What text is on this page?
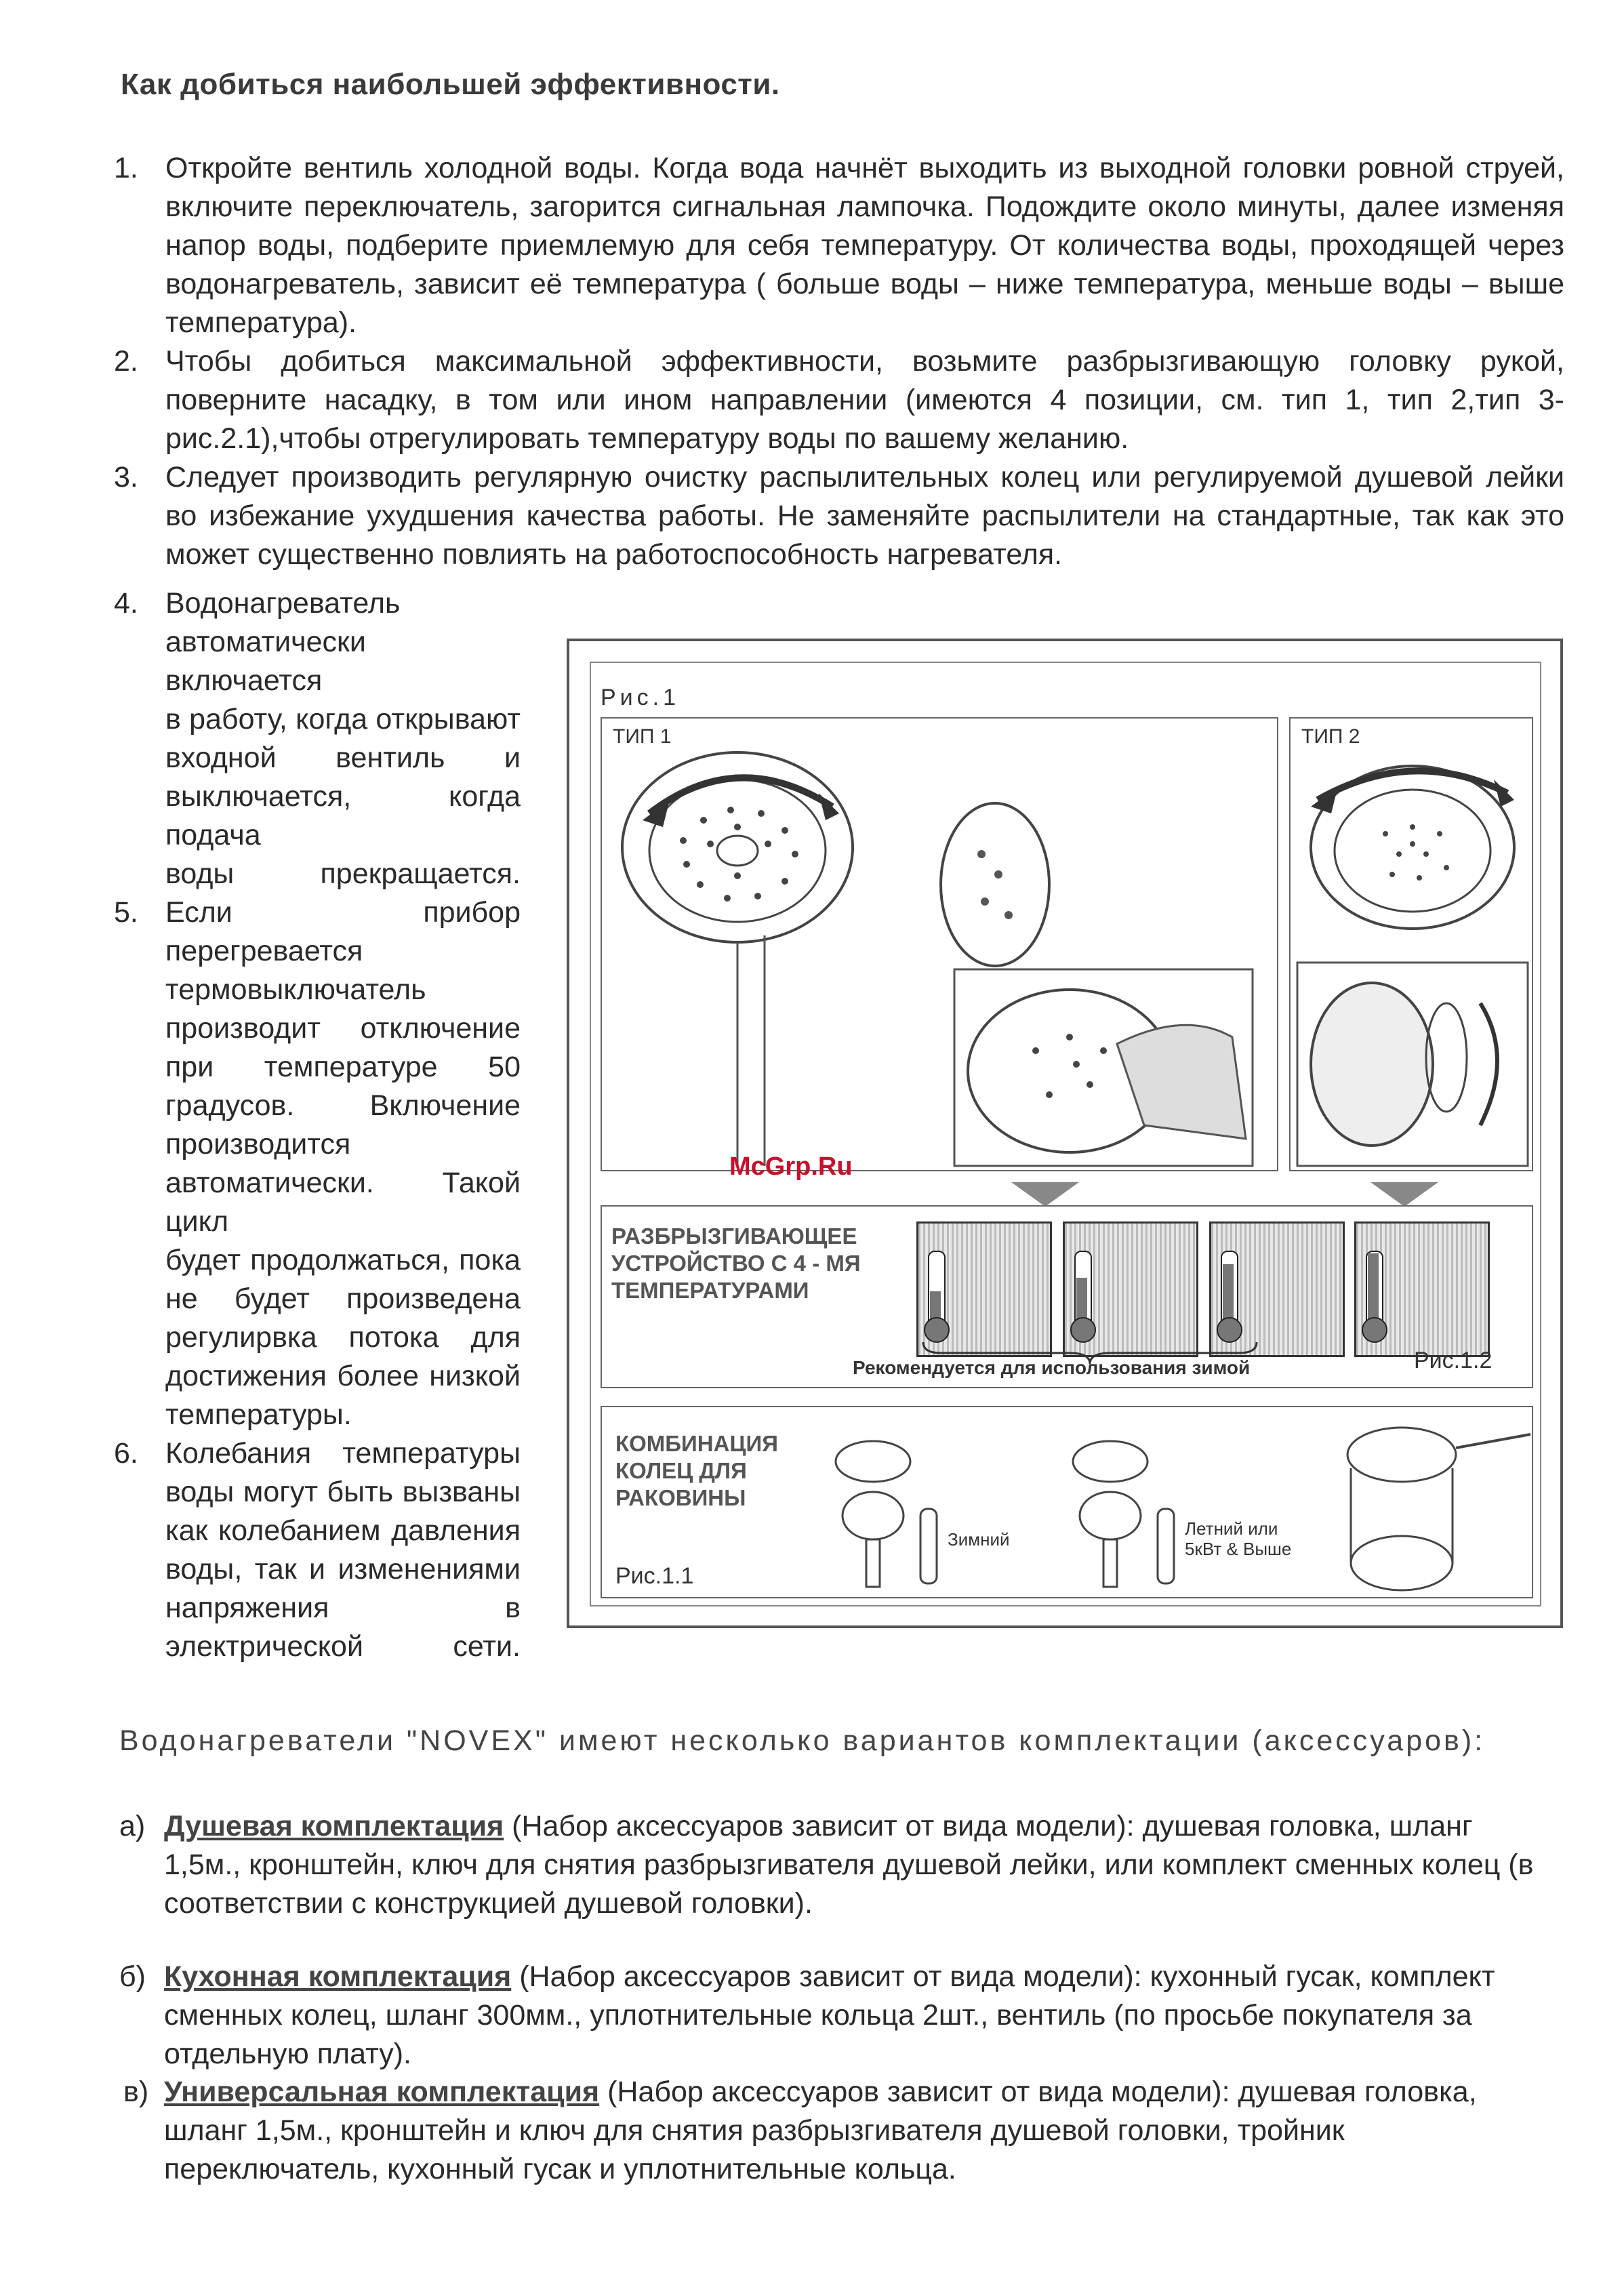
Как добиться наибольшей эффективности.
1. Откройте вентиль холодной воды. Когда вода начнёт выходить из выходной головки ровной струей, включите переключатель, загорится сигнальная лампочка. Подождите около минуты, далее изменяя напор воды, подберите приемлемую для себя температуру. От количества воды, проходящей через водонагреватель, зависит её температура ( больше воды – ниже температура, меньше воды – выше температура).
2. Чтобы добиться максимальной эффективности, возьмите разбрызгивающую головку рукой, поверните насадку, в том или ином направлении (имеются 4 позиции, см. тип 1, тип 2,тип 3-рис.2.1),чтобы отрегулировать температуру воды по вашему желанию.
3. Следует производить регулярную очистку распылительных колец или регулируемой душевой лейки во избежание ухудшения качества работы. Не заменяйте распылители на стандартные, так как это может существенно повлиять на работоспособность нагревателя.
4. Водонагреватель
автоматически включается
в работу, когда открывают
входной вентиль и
выключается, когда подача
воды прекращается.
5. Если прибор перегревается
термовыключатель
производит отключение
при температуре 50
градусов. Включение
производится
автоматически. Такой цикл
будет продолжаться, пока
не будет произведена
регулирвка потока для
достижения более низкой
температуры.
6. Колебания температуры
воды могут быть вызваны
как колебанием давления
воды, так и изменениями
напряжения в
электрической сети.
Рис.1
ТИП 1	ТИП 2
РАЗБРЫЗГИВАЮЩЕЕ УСТРОЙСТВО С 4 - МЯ ТЕМПЕРАТУРАМИ
Рекомендуется для использования зимой	Рис.1.2
КОМБИНАЦИЯ КОЛЕЦ ДЛЯ РАКОВИНЫ
Зимний
Летний или 5кВт & Выше
Рис.1.1
McGrp.Ru
Водонагреватели "NOVEX" имеют несколько вариантов комплектации (аксессуаров):
а) Душевая комплектация (Набор аксессуаров зависит от вида модели): душевая головка, шланг 1,5м., кронштейн, ключ для снятия разбрызгивателя душевой лейки, или комплект сменных колец (в соответствии с конструкцией душевой головки).
б) Кухонная комплектация (Набор аксессуаров зависит от вида модели): кухонный гусак, комплект сменных колец, шланг 300мм., уплотнительные кольца 2шт., вентиль (по просьбе покупателя за отдельную плату).
в) Универсальная комплектация (Набор аксессуаров зависит от вида модели): душевая головка, шланг 1,5м., кронштейн и ключ для снятия разбрызгивателя душевой головки, тройник переключатель, кухонный гусак и уплотнительные кольца.
